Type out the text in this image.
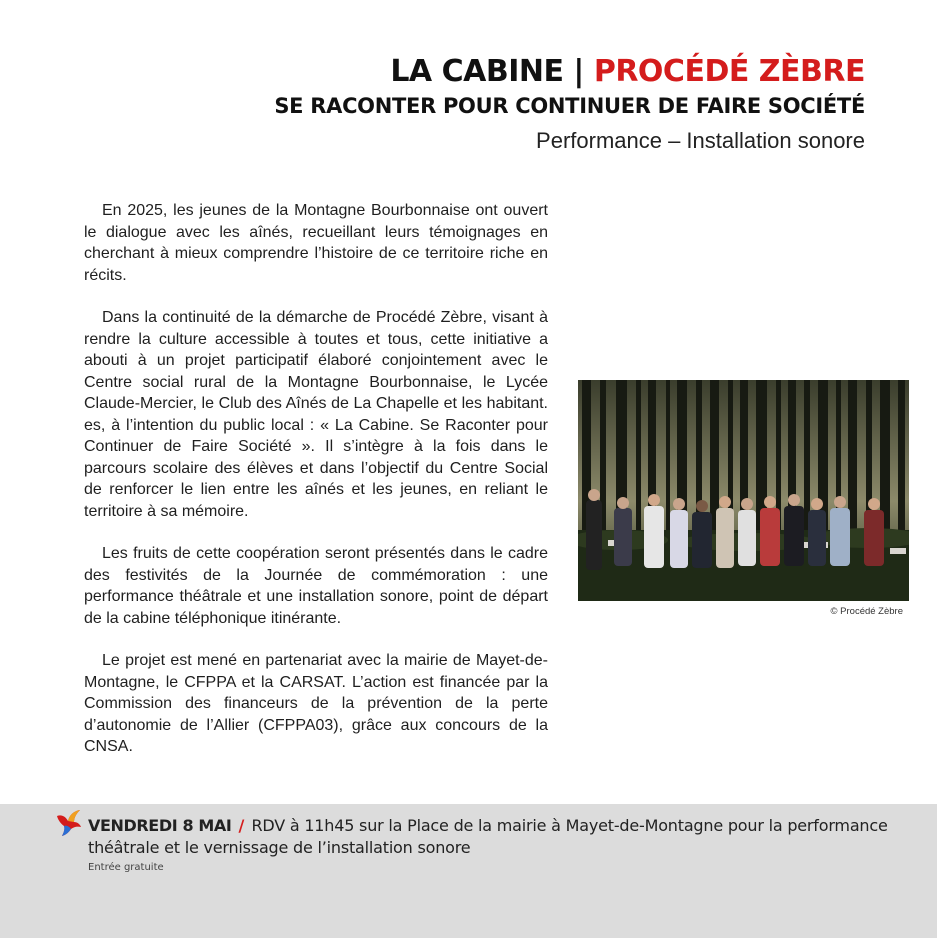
LA CABINE | PROCÉDÉ ZÈBRE
SE RACONTER POUR CONTINUER DE FAIRE SOCIÉTÉ
Performance – Installation sonore

En 2025, les jeunes de la Montagne Bourbonnaise ont ouvert le dialogue avec les aînés, recueillant leurs témoignages en cherchant à mieux comprendre l’histoire de ce territoire riche en récits.

Dans la continuité de la démarche de Procédé Zèbre, visant à rendre la culture accessible à toutes et tous, cette initiative a abouti à un projet participatif élaboré conjointement avec le Centre social rural de la Montagne Bourbonnaise, le Lycée Claude-Mercier, le Club des Aînés de La Chapelle et les habitant. es, à l’intention du public local : « La Cabine. Se Raconter pour Continuer de Faire Société ». Il s’intègre à la fois dans le parcours scolaire des élèves et dans l’objectif du Centre Social de renforcer le lien entre les aînés et les jeunes, en reliant le territoire à sa mémoire.

Les fruits de cette coopération seront présentés dans le cadre des festivités de la Journée de commémoration : une performance théâtrale et une installation sonore, point de départ de la cabine téléphonique itinérante.

Le projet est mené en partenariat avec la mairie de Mayet-de-Montagne, le CFPPA et la CARSAT. L’action est financée par la Commission des financeurs de la prévention de la perte d’autonomie de l’Allier (CFPPA03), grâce aux concours de la CNSA.

© Procédé Zèbre
VENDREDI 8 MAI / RDV à 11h45 sur la Place de la mairie à Mayet-de-Montagne pour la performance théâtrale et le vernissage de l’installation sonore
Entrée gratuite
